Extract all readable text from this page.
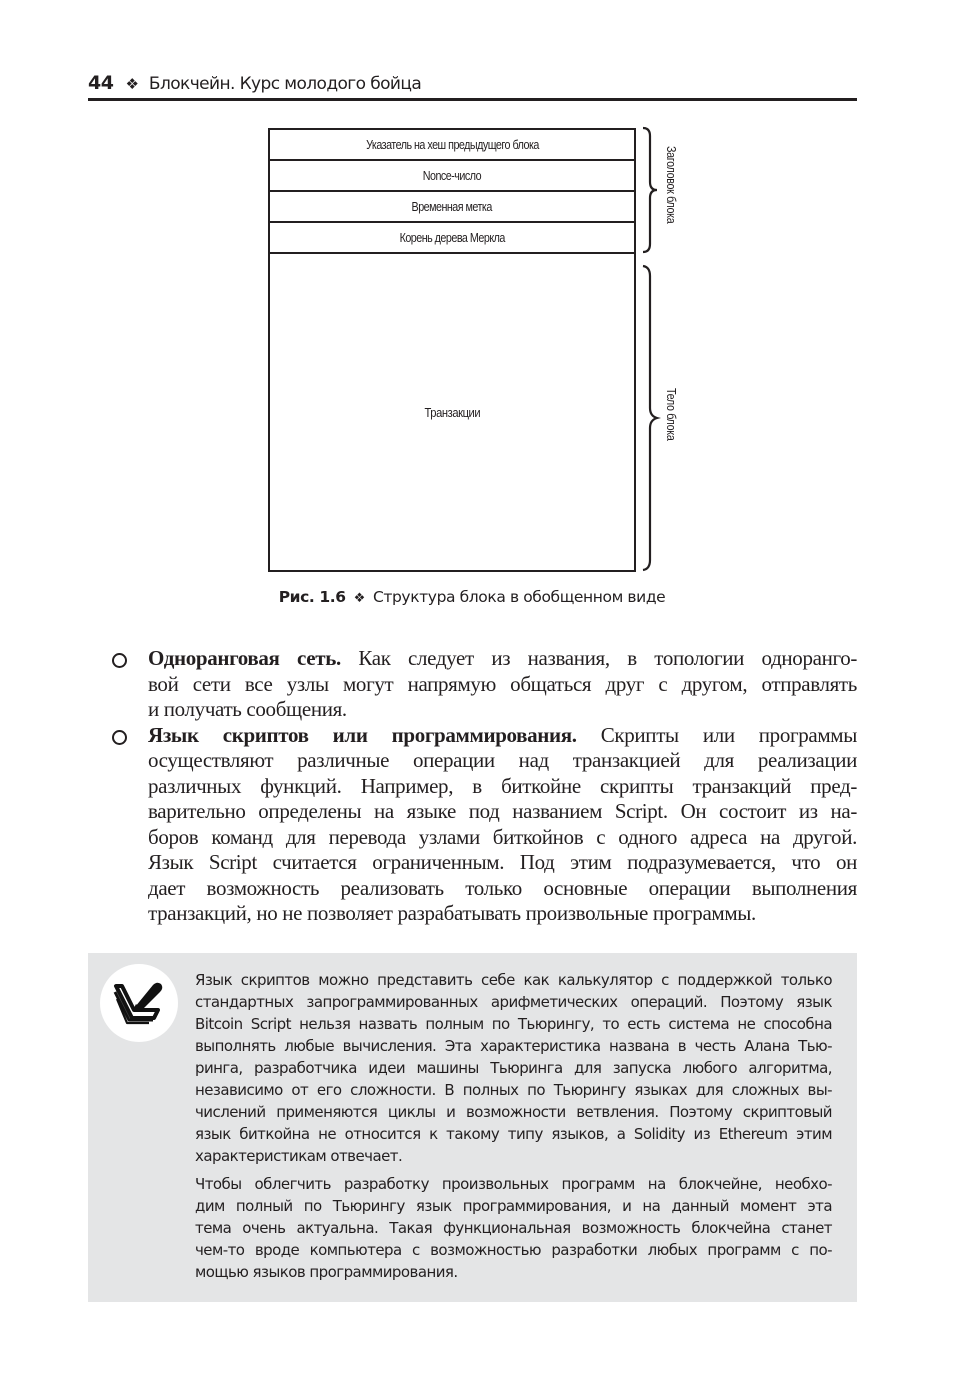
44 ❖ Блокчейн. Курс молодого бойца
Указатель на хеш предыдущего блока
Nonce-число
Временная метка
Корень дерева Меркла
Транзакции
Заголовок блока
Тело блока
Рис. 1.6 ❖ Структура блока в обобщенном виде
Одноранговая сеть. Как следует из названия, в топологии одноранго-
вой сети все узлы могут напрямую общаться друг с другом, отправлять
и получать сообщения.
Язык скриптов или программирования. Скрипты или программы
осуществляют различные операции над транзакцией для реализации
различных функций. Например, в биткойне скрипты транзакций пред-
варительно определены на языке под названием Script. Он состоит из на-
боров команд для перевода узлами биткойнов с одного адреса на другой.
Язык Script считается ограниченным. Под этим подразумевается, что он
дает возможность реализовать только основные операции выполнения
транзакций, но не позволяет разрабатывать произвольные программы.

Язык скриптов можно представить себе как калькулятор с поддержкой только
стандартных запрограммированных арифметических операций. Поэтому язык
Bitcoin Script нельзя назвать полным по Тьюрингу, то есть система не способна
выполнять любые вычисления. Эта характеристика названа в честь Алана Тью-
ринга, разработчика идеи машины Тьюринга для запуска любого алгоритма,
независимо от его сложности. В полных по Тьюрингу языках для сложных вы-
числений применяются циклы и возможности ветвления. Поэтому скриптовый
язык биткойна не относится к такому типу языков, а Solidity из Ethereum этим
характеристикам отвечает.

Чтобы облегчить разработку произвольных программ на блокчейне, необхо-
дим полный по Тьюрингу язык программирования, и на данный момент эта
тема очень актуальна. Такая функциональная возможность блокчейна станет
чем-то вроде компьютера с возможностью разработки любых программ с по-
мощью языков программирования.
